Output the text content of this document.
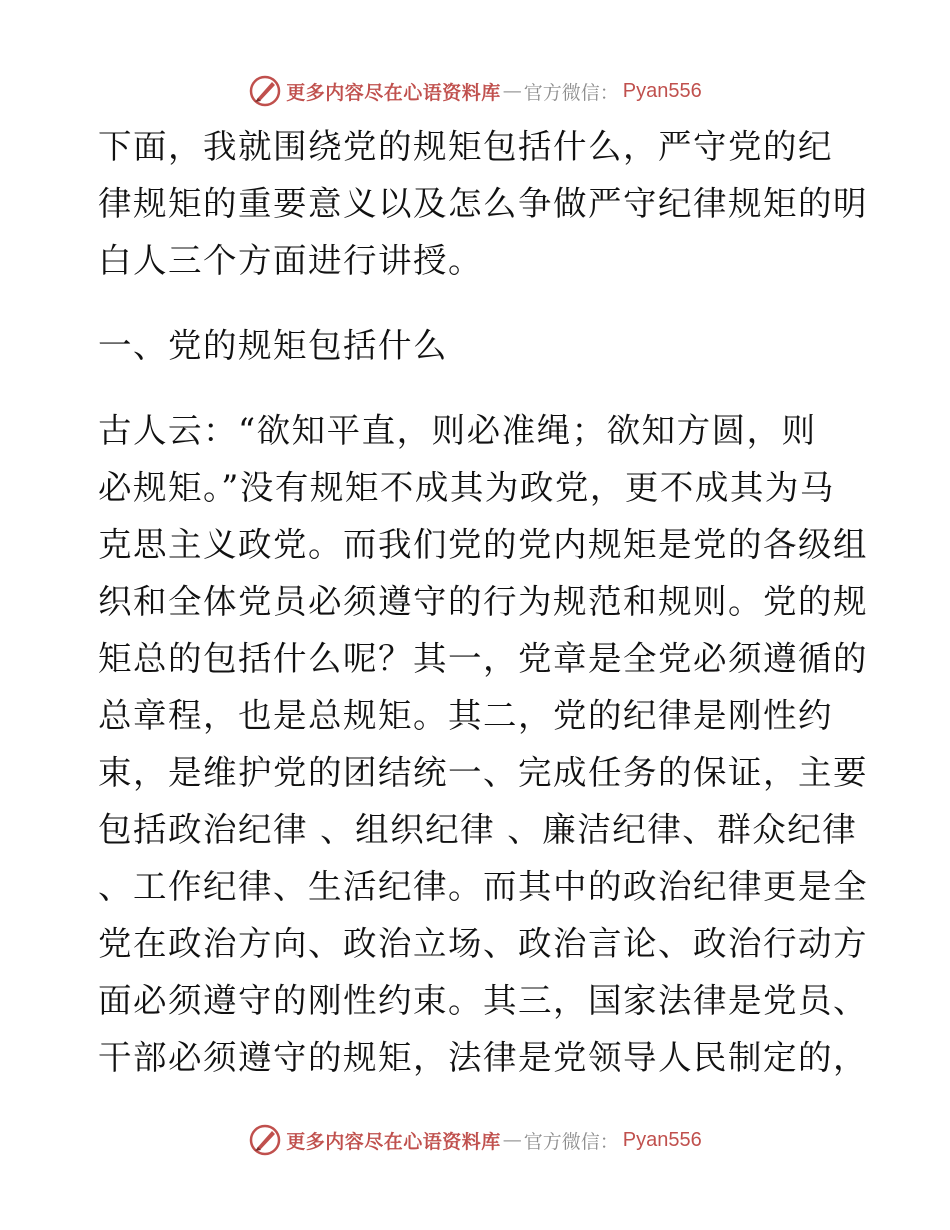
更多内容尽在心语资料库 — 官方微信： Pyan556

下面，我就围绕党的规矩包括什么，严守党的纪
律规矩的重要意义以及怎么争做严守纪律规矩的明
白人三个方面进行讲授。

一、党的规矩包括什么

古人云：“欲知平直，则必准绳；欲知方圆，则
必规矩。”没有规矩不成其为政党，更不成其为马
克思主义政党。而我们党的党内规矩是党的各级组
织和全体党员必须遵守的行为规范和规则。党的规
矩总的包括什么呢？其一，党章是全党必须遵循的
总章程，也是总规矩。其二，党的纪律是刚性约
束，是维护党的团结统一、完成任务的保证，主要
包括政治纪律 、组织纪律 、廉洁纪律、群众纪律
、工作纪律、生活纪律。而其中的政治纪律更是全
党在政治方向、政治立场、政治言论、政治行动方
面必须遵守的刚性约束。其三，国家法律是党员、
干部必须遵守的规矩，法律是党领导人民制定的，

更多内容尽在心语资料库 — 官方微信： Pyan556
